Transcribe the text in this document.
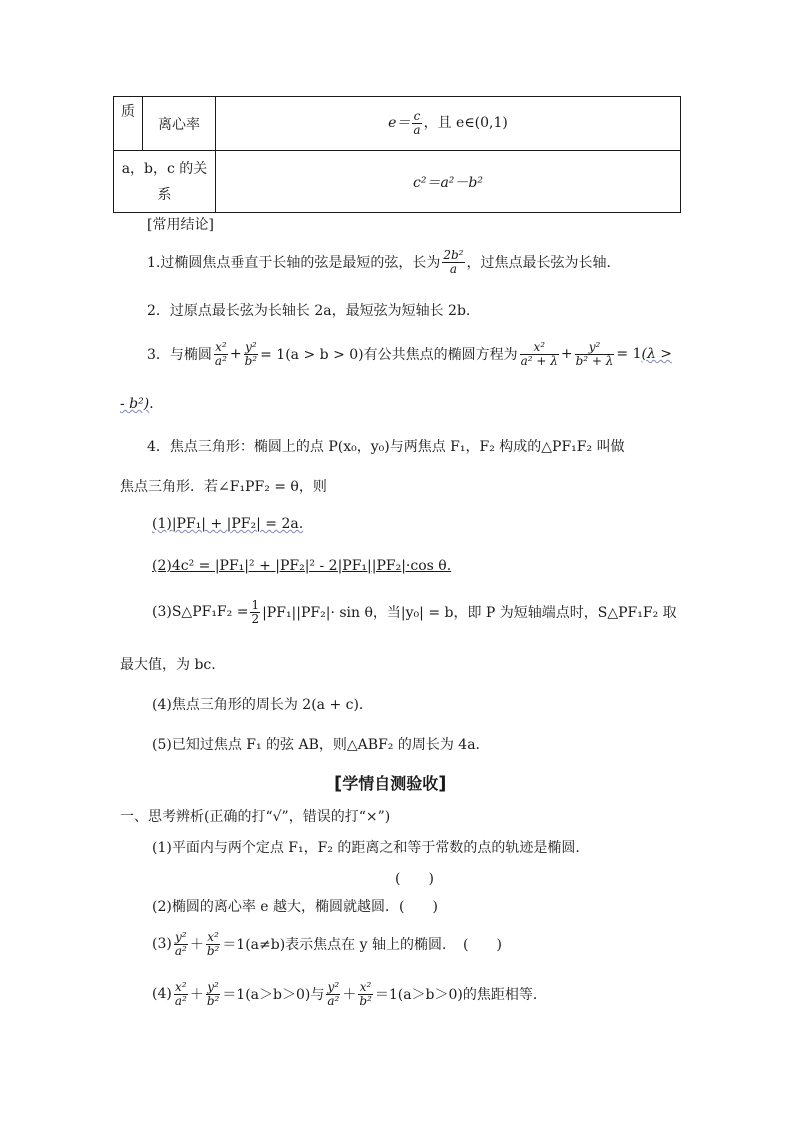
质	离心率	$e= \frac{c}{a}$ ，且 e∈(0,1)

a，b，c 的关
系		c²＝a²－b²
[常用结论]
1.过椭圆焦点垂直于长轴的弦是最短的弦，长为 $\frac{\text{2b²}}{a}$ ，过焦点最长弦为长轴．
2．过原点最长弦为长轴长 2a，最短弦为短轴长 2b.
3．与椭圆 $\frac{\text{x²}}{\text{a²}} + \frac{\text{y²}}{\text{b²}} = 1(a > b > 0)$有公共焦点的椭圆方程为 $\frac{\text{x²}}{\text{a² + λ}} + \frac{\text{y²}}{\text{b² + λ}} = 1$ (λ >
- b²)．
4．焦点三角形：椭圆上的点 P(x₀，y₀)与两焦点 F₁，F₂ 构成的△PF₁F₂ 叫做
焦点三角形．若∠F₁PF₂ = θ，则
(1)|PF₁| + |PF₂| = 2a.
(2)4c² = |PF₁|² + |PF₂|² - 2|PF₁||PF₂|·cos θ.
(3)S△PF₁F₂ = $\frac{1}{2} |PF_1||PF_2|\cdot \sin \theta$，当|y₀| = b，即 P 为短轴端点时，S△PF₁F₂ 取
最大值，为 bc.
(4)焦点三角形的周长为 2(a + c)．
(5)已知过焦点 F₁ 的弦 AB，则△ABF₂ 的周长为 4a.
[学情自测验收]
一、思考辨析(正确的打“√”，错误的打“×”)
(1)平面内与两个定点 F₁，F₂ 的距离之和等于常数的点的轨迹是椭圆.
(　　)
(2)椭圆的离心率 e 越大，椭圆就越圆．(　　)
$(3) \frac{\text{y²}}{\text{a²}} + \frac{\text{x²}}{\text{b²}} =1(a\ne b)$表示焦点在 y 轴上的椭圆．　(　　)
$(4) \frac{\text{x²}}{\text{a²}} + \frac{\text{y²}}{\text{b²}} =1(a>b>0)$与 $\frac{\text{y²}}{\text{a²}} + \frac{\text{x²}}{\text{b²}} =1(a>b>0)$的焦距相等.
